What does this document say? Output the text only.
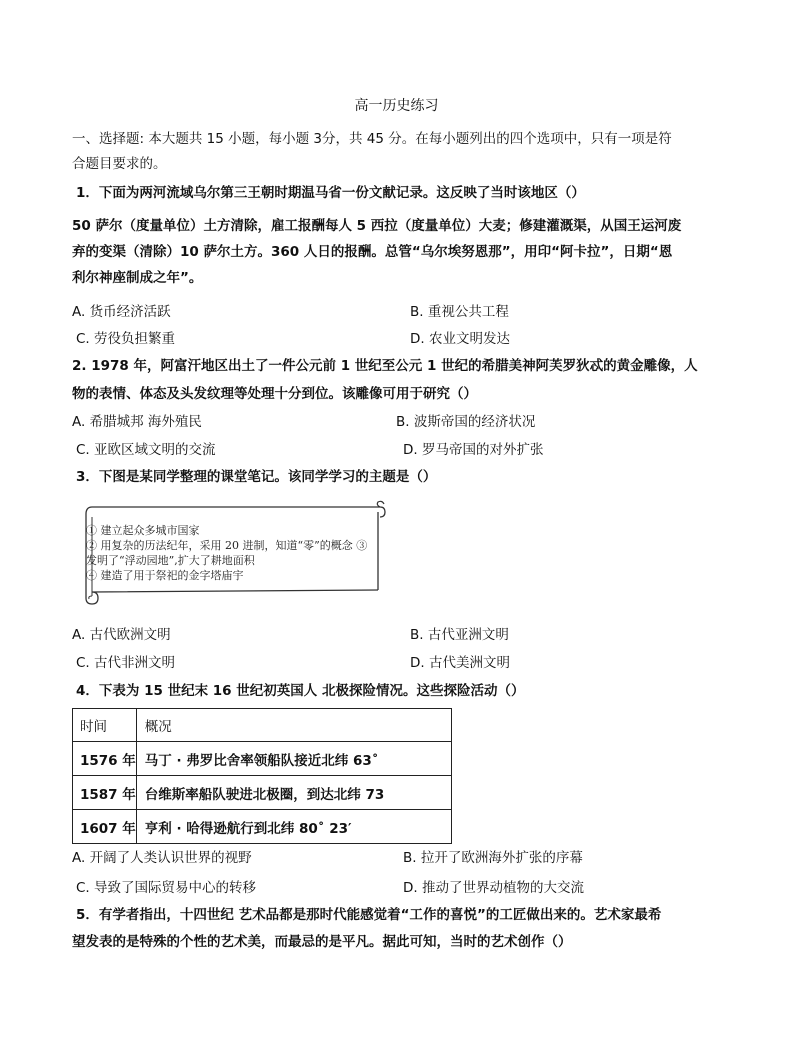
高一历史练习
一、选择题: 本大题共 15 小题，每小题 3分，共 45 分。在每小题列出的四个选项中，只有一项是符
合题目要求的。
1．下面为两河流域乌尔第三王朝时期温马省一份文献记录。这反映了当时该地区（）
50 萨尔（度量单位）土方清除，雇工报酬每人 5 西拉（度量单位）大麦；修建灌溉渠，从国王运河废
弃的变渠（清除）10 萨尔土方。360 人日的报酬。总管“乌尔埃努恩那”，用印“阿卡拉”，日期“恩
利尔神座制成之年”。
A. 货币经济活跃	B. 重视公共工程
C. 劳役负担繁重	D. 农业文明发达
2. 1978 年，阿富汗地区出土了一件公元前 1 世纪至公元 1 世纪的希腊美神阿芙罗狄忒的黄金雕像，人
物的表情、体态及头发纹理等处理十分到位。该雕像可用于研究（）
A. 希腊城邦 海外殖民	B. 波斯帝国的经济状况
C. 亚欧区域文明的交流	D. 罗马帝国的对外扩张
3．下图是某同学整理的课堂笔记。该同学学习的主题是（）
① 建立起众多城市国家
② 用复杂的历法纪年，采用 20 进制，知道“零”的概念 ③
发明了“浮动园地”,扩大了耕地面积
④ 建造了用于祭祀的金字塔庙宇
A. 古代欧洲文明	B. 古代亚洲文明
C. 古代非洲文明	D. 古代美洲文明
4．下表为 15 世纪末 16 世纪初英国人 北极探险情况。这些探险活动（）
时间	概况
1576 年	马丁 · 弗罗比舍率领船队接近北纬 63˚
1587 年	台维斯率船队驶进北极圈，到达北纬 73
1607 年	亨利 · 哈得逊航行到北纬 80˚ 23′
A. 开阔了人类认识世界的视野	B. 拉开了欧洲海外扩张的序幕
C. 导致了国际贸易中心的转移	D. 推动了世界动植物的大交流
5．有学者指出，十四世纪 艺术品都是那时代能感觉着“工作的喜悦”的工匠做出来的。艺术家最希
望发表的是特殊的个性的艺术美，而最忌的是平凡。据此可知，当时的艺术创作（）
